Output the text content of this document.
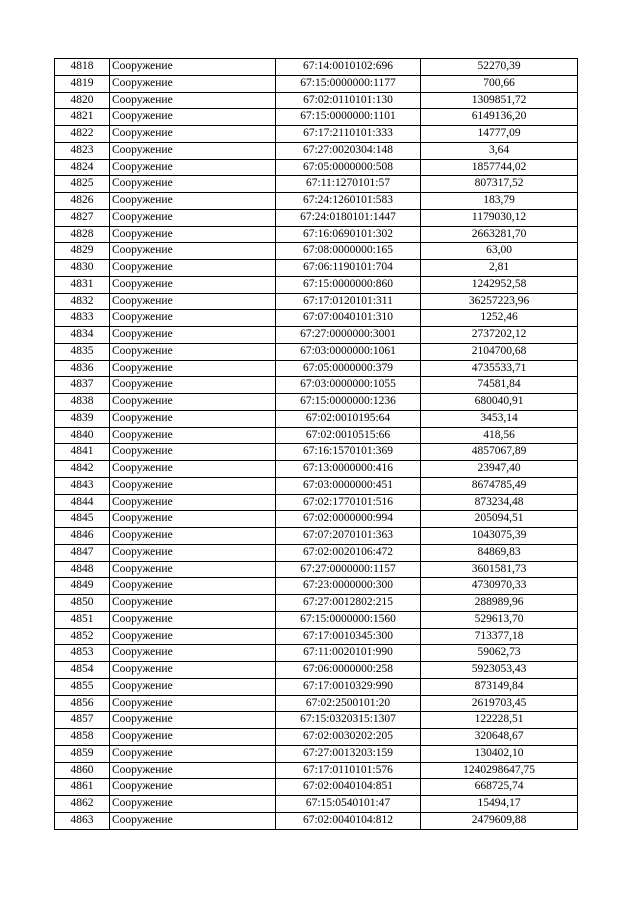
4818	Сооружение	67:14:0010102:696	52270,39
4819	Сооружение	67:15:0000000:1177	700,66
4820	Сооружение	67:02:0110101:130	1309851,72
4821	Сооружение	67:15:0000000:1101	6149136,20
4822	Сооружение	67:17:2110101:333	14777,09
4823	Сооружение	67:27:0020304:148	3,64
4824	Сооружение	67:05:0000000:508	1857744,02
4825	Сооружение	67:11:1270101:57	807317,52
4826	Сооружение	67:24:1260101:583	183,79
4827	Сооружение	67:24:0180101:1447	1179030,12
4828	Сооружение	67:16:0690101:302	2663281,70
4829	Сооружение	67:08:0000000:165	63,00
4830	Сооружение	67:06:1190101:704	2,81
4831	Сооружение	67:15:0000000:860	1242952,58
4832	Сооружение	67:17:0120101:311	36257223,96
4833	Сооружение	67:07:0040101:310	1252,46
4834	Сооружение	67:27:0000000:3001	2737202,12
4835	Сооружение	67:03:0000000:1061	2104700,68
4836	Сооружение	67:05:0000000:379	4735533,71
4837	Сооружение	67:03:0000000:1055	74581,84
4838	Сооружение	67:15:0000000:1236	680040,91
4839	Сооружение	67:02:0010195:64	3453,14
4840	Сооружение	67:02:0010515:66	418,56
4841	Сооружение	67:16:1570101:369	4857067,89
4842	Сооружение	67:13:0000000:416	23947,40
4843	Сооружение	67:03:0000000:451	8674785,49
4844	Сооружение	67:02:1770101:516	873234,48
4845	Сооружение	67:02:0000000:994	205094,51
4846	Сооружение	67:07:2070101:363	1043075,39
4847	Сооружение	67:02:0020106:472	84869,83
4848	Сооружение	67:27:0000000:1157	3601581,73
4849	Сооружение	67:23:0000000:300	4730970,33
4850	Сооружение	67:27:0012802:215	288989,96
4851	Сооружение	67:15:0000000:1560	529613,70
4852	Сооружение	67:17:0010345:300	713377,18
4853	Сооружение	67:11:0020101:990	59062,73
4854	Сооружение	67:06:0000000:258	5923053,43
4855	Сооружение	67:17:0010329:990	873149,84
4856	Сооружение	67:02:2500101:20	2619703,45
4857	Сооружение	67:15:0320315:1307	122228,51
4858	Сооружение	67:02:0030202:205	320648,67
4859	Сооружение	67:27:0013203:159	130402,10
4860	Сооружение	67:17:0110101:576	1240298647,75
4861	Сооружение	67:02:0040104:851	668725,74
4862	Сооружение	67:15:0540101:47	15494,17
4863	Сооружение	67:02:0040104:812	2479609,88
